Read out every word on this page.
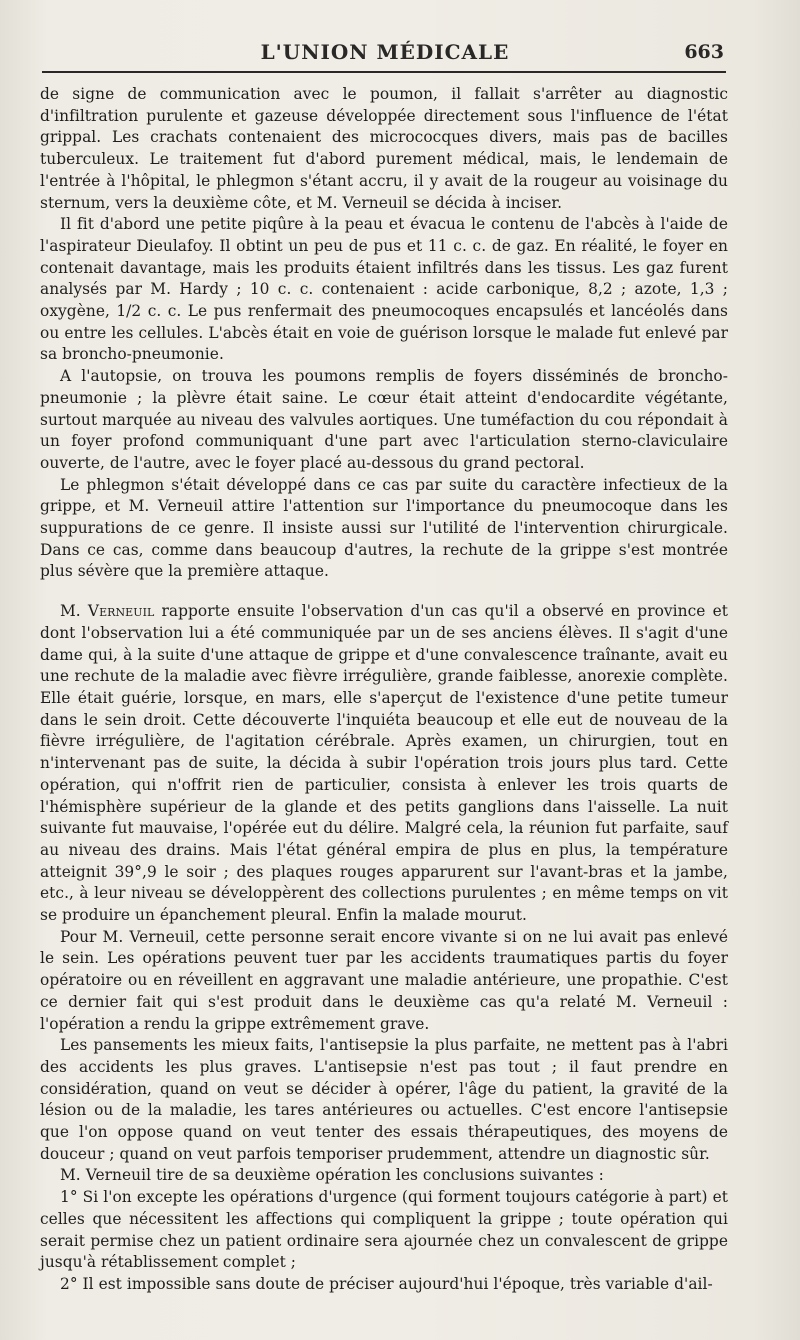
L'UNION MÉDICALE	663

de signe de communication avec le poumon, il fallait s'arrêter au diagnostic d'infiltration purulente et gazeuse développée directement sous l'influence de l'état grippal. Les crachats contenaient des micrococques divers, mais pas de bacilles tuberculeux. Le traitement fut d'abord purement médical, mais, le lendemain de l'entrée à l'hôpital, le phlegmon s'étant accru, il y avait de la rougeur au voisinage du sternum, vers la deuxième côte, et M. Verneuil se décida à inciser.

Il fit d'abord une petite piqûre à la peau et évacua le contenu de l'abcès à l'aide de l'aspirateur Dieulafoy. Il obtint un peu de pus et 11 c. c. de gaz. En réalité, le foyer en contenait davantage, mais les produits étaient infiltrés dans les tissus. Les gaz furent analysés par M. Hardy ; 10 c. c. contenaient : acide carbonique, 8,2 ; azote, 1,3 ; oxygène, 1/2 c. c. Le pus renfermait des pneumocoques encapsulés et lancéolés dans ou entre les cellules. L'abcès était en voie de guérison lorsque le malade fut enlevé par sa broncho-pneumonie.

A l'autopsie, on trouva les poumons remplis de foyers disséminés de broncho-pneumonie ; la plèvre était saine. Le cœur était atteint d'endocardite végétante, surtout marquée au niveau des valvules aortiques. Une tuméfaction du cou répondait à un foyer profond communiquant d'une part avec l'articulation sterno-claviculaire ouverte, de l'autre, avec le foyer placé au-dessous du grand pectoral.

Le phlegmon s'était développé dans ce cas par suite du caractère infectieux de la grippe, et M. Verneuil attire l'attention sur l'importance du pneumocoque dans les suppurations de ce genre. Il insiste aussi sur l'utilité de l'intervention chirurgicale. Dans ce cas, comme dans beaucoup d'autres, la rechute de la grippe s'est montrée plus sévère que la première attaque.

M. Verneuil rapporte ensuite l'observation d'un cas qu'il a observé en province et dont l'observation lui a été communiquée par un de ses anciens élèves. Il s'agit d'une dame qui, à la suite d'une attaque de grippe et d'une convalescence traînante, avait eu une rechute de la maladie avec fièvre irrégulière, grande faiblesse, anorexie complète. Elle était guérie, lorsque, en mars, elle s'aperçut de l'existence d'une petite tumeur dans le sein droit. Cette découverte l'inquiéta beaucoup et elle eut de nouveau de la fièvre irrégulière, de l'agitation cérébrale. Après examen, un chirurgien, tout en n'intervenant pas de suite, la décida à subir l'opération trois jours plus tard. Cette opération, qui n'offrit rien de particulier, consista à enlever les trois quarts de l'hémisphère supérieur de la glande et des petits ganglions dans l'aisselle. La nuit suivante fut mauvaise, l'opérée eut du délire. Malgré cela, la réunion fut parfaite, sauf au niveau des drains. Mais l'état général empira de plus en plus, la température atteignit 39°,9 le soir ; des plaques rouges apparurent sur l'avant-bras et la jambe, etc., à leur niveau se développèrent des collections purulentes ; en même temps on vit se produire un épanchement pleural. Enfin la malade mourut.

Pour M. Verneuil, cette personne serait encore vivante si on ne lui avait pas enlevé le sein. Les opérations peuvent tuer par les accidents traumatiques partis du foyer opératoire ou en réveillent en aggravant une maladie antérieure, une propathie. C'est ce dernier fait qui s'est produit dans le deuxième cas qu'a relaté M. Verneuil : l'opération a rendu la grippe extrêmement grave.

Les pansements les mieux faits, l'antisepsie la plus parfaite, ne mettent pas à l'abri des accidents les plus graves. L'antisepsie n'est pas tout ; il faut prendre en considération, quand on veut se décider à opérer, l'âge du patient, la gravité de la lésion ou de la maladie, les tares antérieures ou actuelles. C'est encore l'antisepsie que l'on oppose quand on veut tenter des essais thérapeutiques, des moyens de douceur ; quand on veut parfois temporiser prudemment, attendre un diagnostic sûr.

M. Verneuil tire de sa deuxième opération les conclusions suivantes :

1° Si l'on excepte les opérations d'urgence (qui forment toujours catégorie à part) et celles que nécessitent les affections qui compliquent la grippe ; toute opération qui serait permise chez un patient ordinaire sera ajournée chez un convalescent de grippe jusqu'à rétablissement complet ;

2° Il est impossible sans doute de préciser aujourd'hui l'époque, très variable d'ail-
